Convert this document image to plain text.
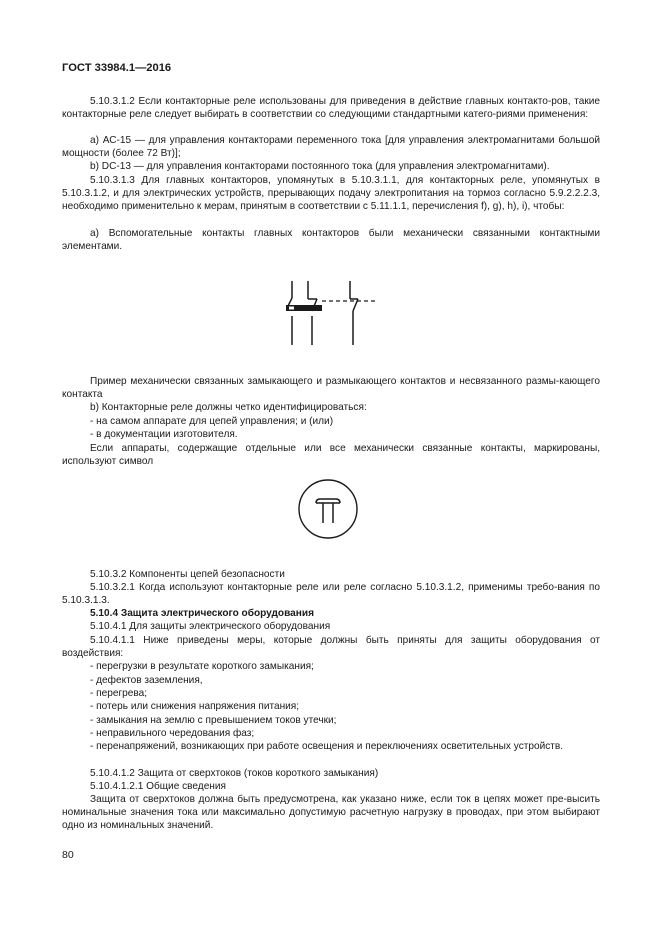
ГОСТ 33984.1—2016

5.10.3.1.2 Если контакторные реле использованы для приведения в действие главных контакто-ров, такие контакторные реле следует выбирать в соответствии со следующими стандартными катего-риями применения:

a) АС-15 — для управления контакторами переменного тока [для управления электромагнитами большой мощности (более 72 Вт)];

b) DC-13 — для управления контакторами постоянного тока (для управления электромагнитами).

5.10.3.1.3 Для главных контакторов, упомянутых в 5.10.3.1.1, для контакторных реле, упомянутых в 5.10.3.1.2, и для электрических устройств, прерывающих подачу электропитания на тормоз согласно 5.9.2.2.2.3, необходимо применительно к мерам, принятым в соответствии с 5.11.1.1, перечисления f), g), h), i), чтобы:

a) Вспомогательные контакты главных контакторов были механически связанными контактными элементами.

Пример механически связанных замыкающего и размыкающего контактов и несвязанного размы-кающего контакта

b) Контакторные реле должны четко идентифицироваться:

- на самом аппарате для цепей управления; и (или)

- в документации изготовителя.

Если аппараты, содержащие отдельные или все механически связанные контакты, маркированы, используют символ

5.10.3.2 Компоненты цепей безопасности

5.10.3.2.1 Когда используют контакторные реле или реле согласно 5.10.3.1.2, применимы требо-вания по 5.10.3.1.3.

5.10.4 Защита электрического оборудования

5.10.4.1 Для защиты электрического оборудования

5.10.4.1.1 Ниже приведены меры, которые должны быть приняты для защиты оборудования от воздействия:

- перегрузки в результате короткого замыкания;

- дефектов заземления,

- перегрева;

- потерь или снижения напряжения питания;

- замыкания на землю с превышением токов утечки;

- неправильного чередования фаз;

- перенапряжений, возникающих при работе освещения и переключениях осветительных устройств.

5.10.4.1.2 Защита от сверхтоков (токов короткого замыкания)

5.10.4.1.2.1 Общие сведения

Защита от сверхтоков должна быть предусмотрена, как указано ниже, если ток в цепях может пре-высить номинальные значения тока или максимально допустимую расчетную нагрузку в проводах, при этом выбирают одно из номинальных значений.

80
